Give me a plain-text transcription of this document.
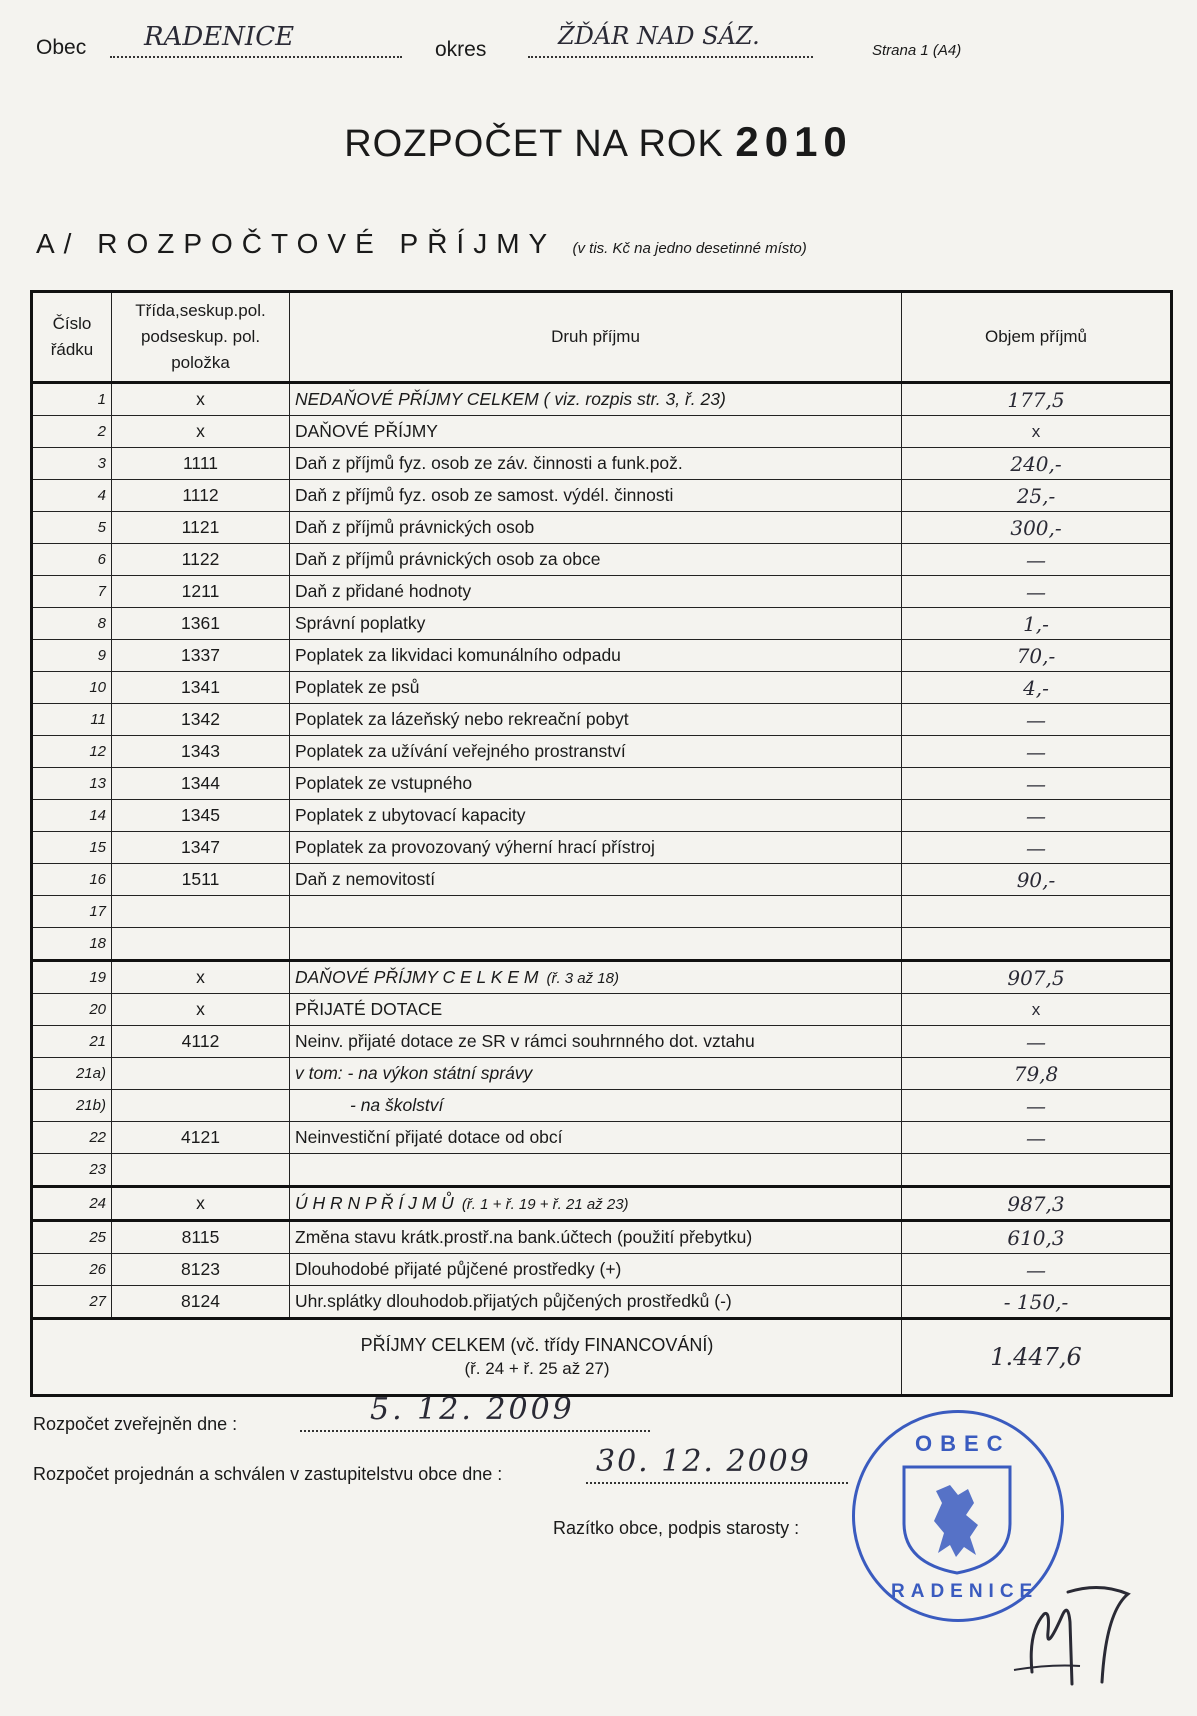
Obec RADENICE	okres	ŽĎÁR NAD SÁZ.
Strana 1 (A4)
ROZPOČET NA ROK 2010
A/ ROZPOČTOVÉ PŘÍJMY (v tis. Kč na jedno desetinné místo)
Číslo řádku	Třída,seskup.pol. podseskup. pol. položka	Druh příjmu	Objem příjmů
1	x	NEDAŇOVÉ PŘÍJMY CELKEM ( viz. rozpis str. 3, ř. 23)	177,5
2	x	DAŇOVÉ PŘÍJMY	x
3	1111	Daň z příjmů fyz. osob ze záv. činnosti a funk.pož.	240,-
4	1112	Daň z příjmů fyz. osob ze samost. výdél. činnosti	25,-
5	1121	Daň z příjmů právnických osob	300,-
6	1122	Daň z příjmů právnických osob za obce	—
7	1211	Daň z přidané hodnoty	—
8	1361	Správní poplatky	1,-
9	1337	Poplatek za likvidaci komunálního odpadu	70,-
10	1341	Poplatek ze psů	4,-
11	1342	Poplatek za lázeňský nebo rekreační pobyt	—
12	1343	Poplatek za užívání veřejného prostranství	—
13	1344	Poplatek ze vstupného	—
14	1345	Poplatek z ubytovací kapacity	—
15	1347	Poplatek za provozovaný výherní hrací přístroj	—
16	1511	Daň z nemovitostí	90,-
17			
18			
19	x	DAŇOVÉ PŘÍJMY C E L K E M (ř. 3 až 18)	907,5
20	x	PŘIJATÉ DOTACE	x
21	4112	Neinv. přijaté dotace ze SR v rámci souhrnného dot. vztahu	—
21a)		v tom: - na výkon státní správy	79,8
21b)		- na školství	—
22	4121	Neinvestiční přijaté dotace od obcí	—
23			
24	x	Ú H R N P Ř Í J M Ů (ř. 1 + ř. 19 + ř. 21 až 23)	987,3
25	8115	Změna stavu krátk.prostř.na bank.účtech (použití přebytku)	610,3
26	8123	Dlouhodobé přijaté půjčené prostředky (+)	—
27	8124	Uhr.splátky dlouhodob.přijatých půjčených prostředků (-)	- 150,-

PŘÍJMY CELKEM (vč. třídy FINANCOVÁNÍ)
(ř. 24 + ř. 25 až 27)			1.447,6
Rozpočet zveřejněn dne :	5. 12. 2009
Rozpočet projednán a schválen v zastupitelstvu obce dne :	30. 12. 2009
Razítko obce, podpis starosty :
OBEC
RADENICE
